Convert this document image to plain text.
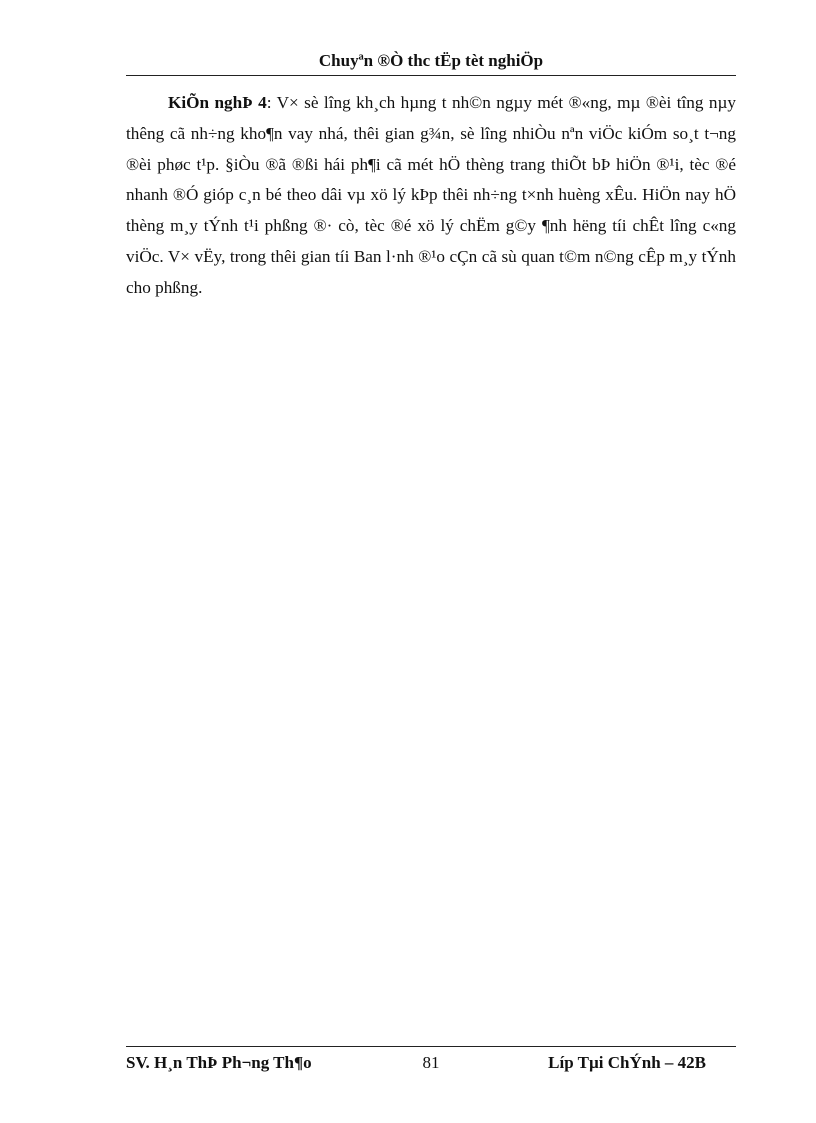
Chuyªn ®Ò thc tËp tèt nghiÖp

KiÕn nghÞ 4: V× sè lîng kh¸ch hµng t nh©n ngµy mét ®«ng, mµ ®èi tîng nµy thêng cã nh÷ng kho¶n vay nhá, thêi gian g¾n, sè lîng nhiÒu nªn viÖc kiÓm so¸t t¬ng ®èi phøc t¹p. §iÒu ®ã ®ßi hái ph¶i cã mét hÖ thèng trang thiÕt bÞ hiÖn ®¹i, tèc ®é nhanh ®Ó gióp c¸n bé theo dâi vµ xö lý kÞp thêi nh÷ng t×nh huèng xÊu. HiÖn nay hÖ thèng m¸y tÝnh t¹i phßng ®· cò, tèc ®é xö lý chËm g©y ¶nh hëng tíi chÊt lîng c«ng viÖc. V× vËy, trong thêi gian tíi Ban l·nh ®¹o cÇn cã sù quan t©m n©ng cÊp m¸y tÝnh cho phßng.

SV. H¸n ThÞ Ph¬ng Th¶o	81	Líp Tµi ChÝnh – 42B
